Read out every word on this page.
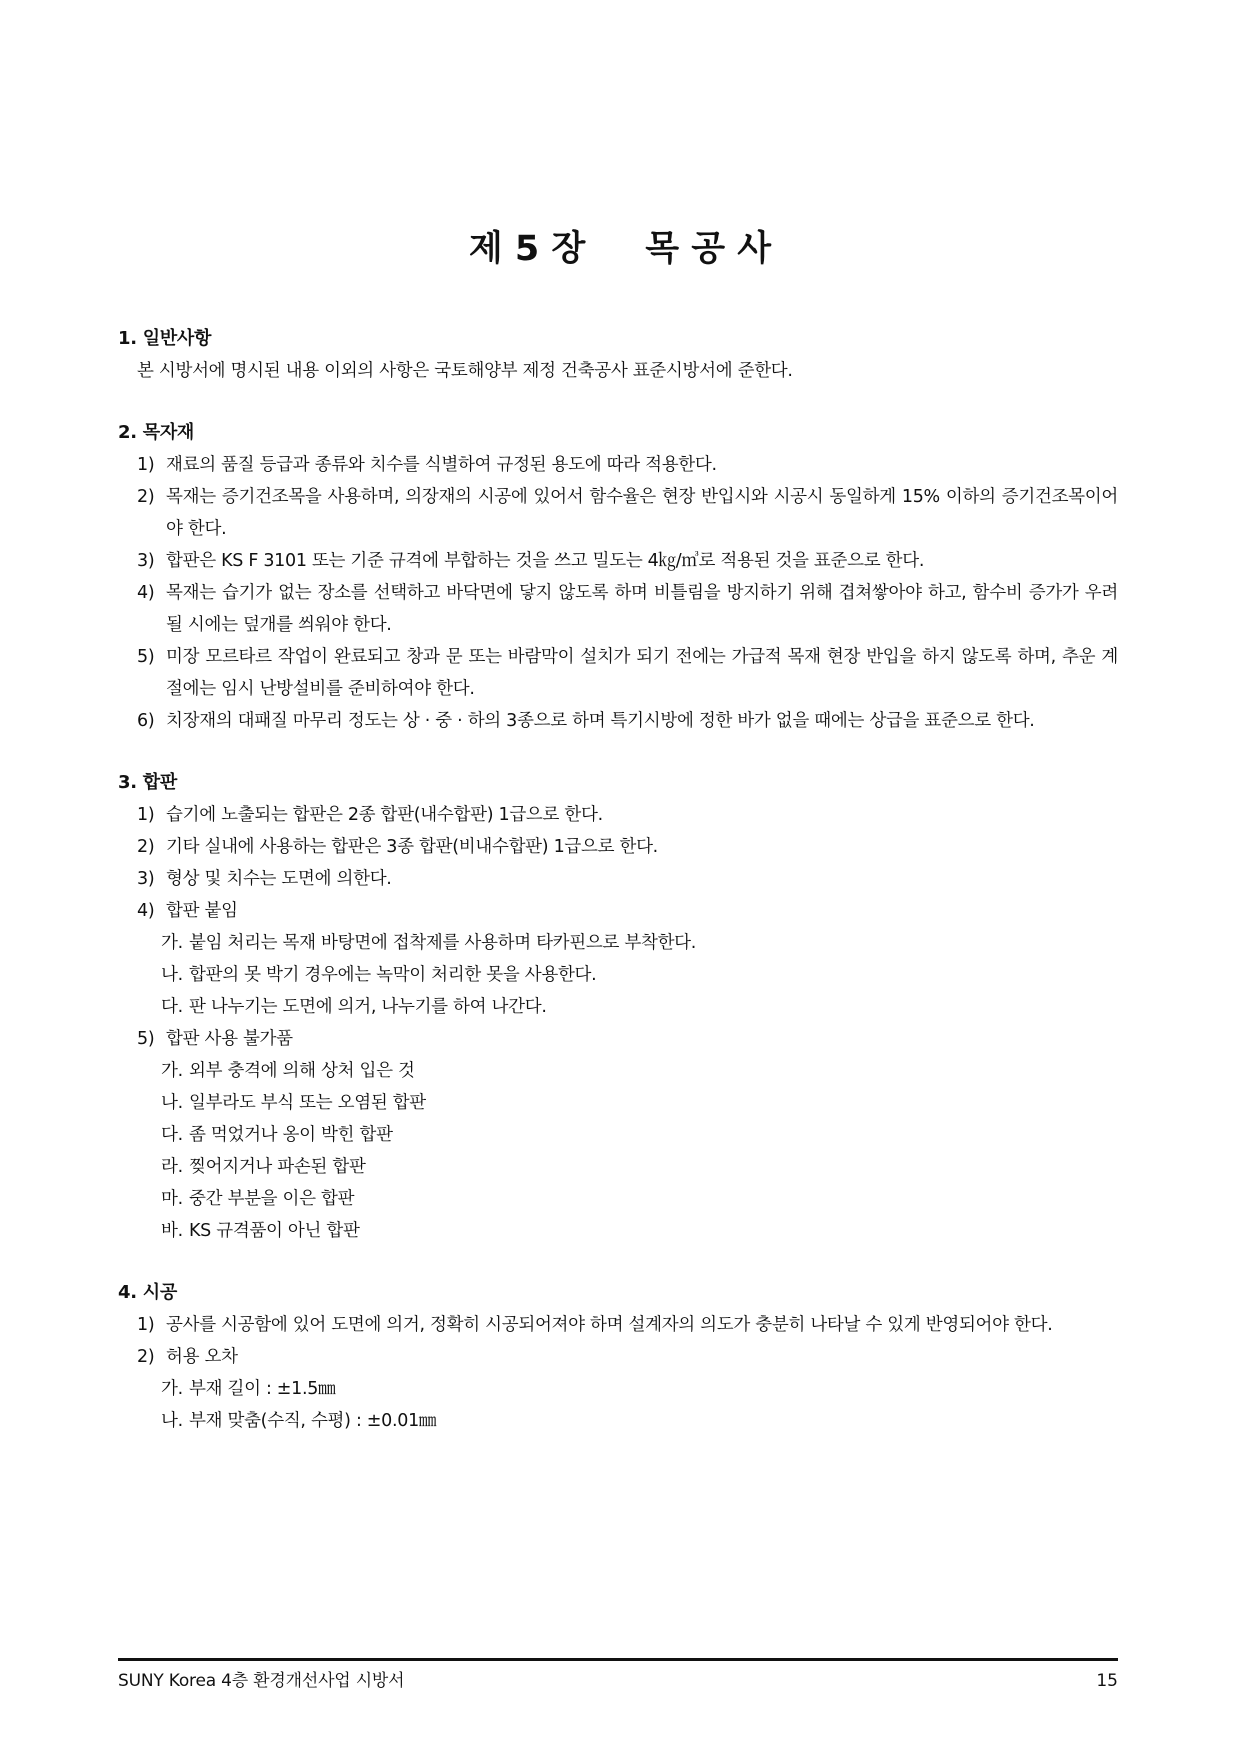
제 5 장 목 공 사
1. 일반사항
본 시방서에 명시된 내용 이외의 사항은 국토해양부 제정 건축공사 표준시방서에 준한다.
2. 목자재
1) 재료의 품질 등급과 종류와 치수를 식별하여 규정된 용도에 따라 적용한다.
2) 목재는 증기건조목을 사용하며, 의장재의 시공에 있어서 함수율은 현장 반입시와 시공시 동일하게 15% 이하의 증기건조목이어야 한다.
3) 합판은 KS F 3101 또는 기준 규격에 부합하는 것을 쓰고 밀도는 4㎏/㎥로 적용된 것을 표준으로 한다.
4) 목재는 습기가 없는 장소를 선택하고 바닥면에 닿지 않도록 하며 비틀림을 방지하기 위해 겹쳐쌓아야 하고, 함수비 증가가 우려될 시에는 덮개를 씌워야 한다.
5) 미장 모르타르 작업이 완료되고 창과 문 또는 바람막이 설치가 되기 전에는 가급적 목재 현장 반입을 하지 않도록 하며, 추운 계절에는 임시 난방설비를 준비하여야 한다.
6) 치장재의 대패질 마무리 정도는 상 · 중 · 하의 3종으로 하며 특기시방에 정한 바가 없을 때에는 상급을 표준으로 한다.
3. 합판
1) 습기에 노출되는 합판은 2종 합판(내수합판) 1급으로 한다.
2) 기타 실내에 사용하는 합판은 3종 합판(비내수합판) 1급으로 한다.
3) 형상 및 치수는 도면에 의한다.
4) 합판 붙임
가. 붙임 처리는 목재 바탕면에 접착제를 사용하며 타카핀으로 부착한다.
나. 합판의 못 박기 경우에는 녹막이 처리한 못을 사용한다.
다. 판 나누기는 도면에 의거, 나누기를 하여 나간다.
5) 합판 사용 불가품
가. 외부 충격에 의해 상처 입은 것
나. 일부라도 부식 또는 오염된 합판
다. 좀 먹었거나 옹이 박힌 합판
라. 찢어지거나 파손된 합판
마. 중간 부분을 이은 합판
바. KS 규격품이 아닌 합판
4. 시공
1) 공사를 시공함에 있어 도면에 의거, 정확히 시공되어져야 하며 설계자의 의도가 충분히 나타날 수 있게 반영되어야 한다.
2) 허용 오차
가. 부재 길이 : ±1.5㎜
나. 부재 맞춤(수직, 수평) : ±0.01㎜
SUNY Korea 4층 환경개선사업 시방서	15
